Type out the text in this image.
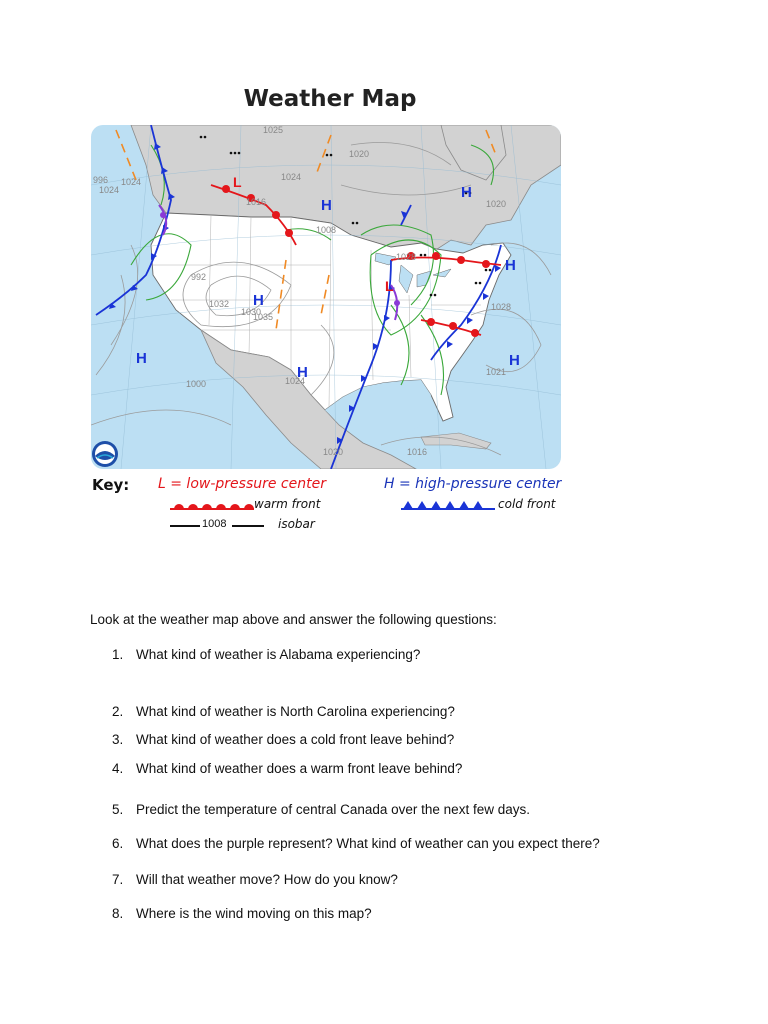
Weather Map
1025
1020
1024
1008
1016	1020
1028
1032
1030
1035
1024
1000
1021
1028
1020	1016
1024
1024
996
992
H
H
H
H
H
H
H
L
L
Key: L = low-pressure center	H = high-pressure center
warm front	cold front
1008	isobar
Look at the weather map above and answer the following questions:
1. What kind of weather is Alabama experiencing?
2. What kind of weather is North Carolina experiencing?
3. What kind of weather does a cold front leave behind?
4. What kind of weather does a warm front leave behind?
5. Predict the temperature of central Canada over the next few days.
6. What does the purple represent? What kind of weather can you expect there?
7. Will that weather move? How do you know?
8. Where is the wind moving on this map?
